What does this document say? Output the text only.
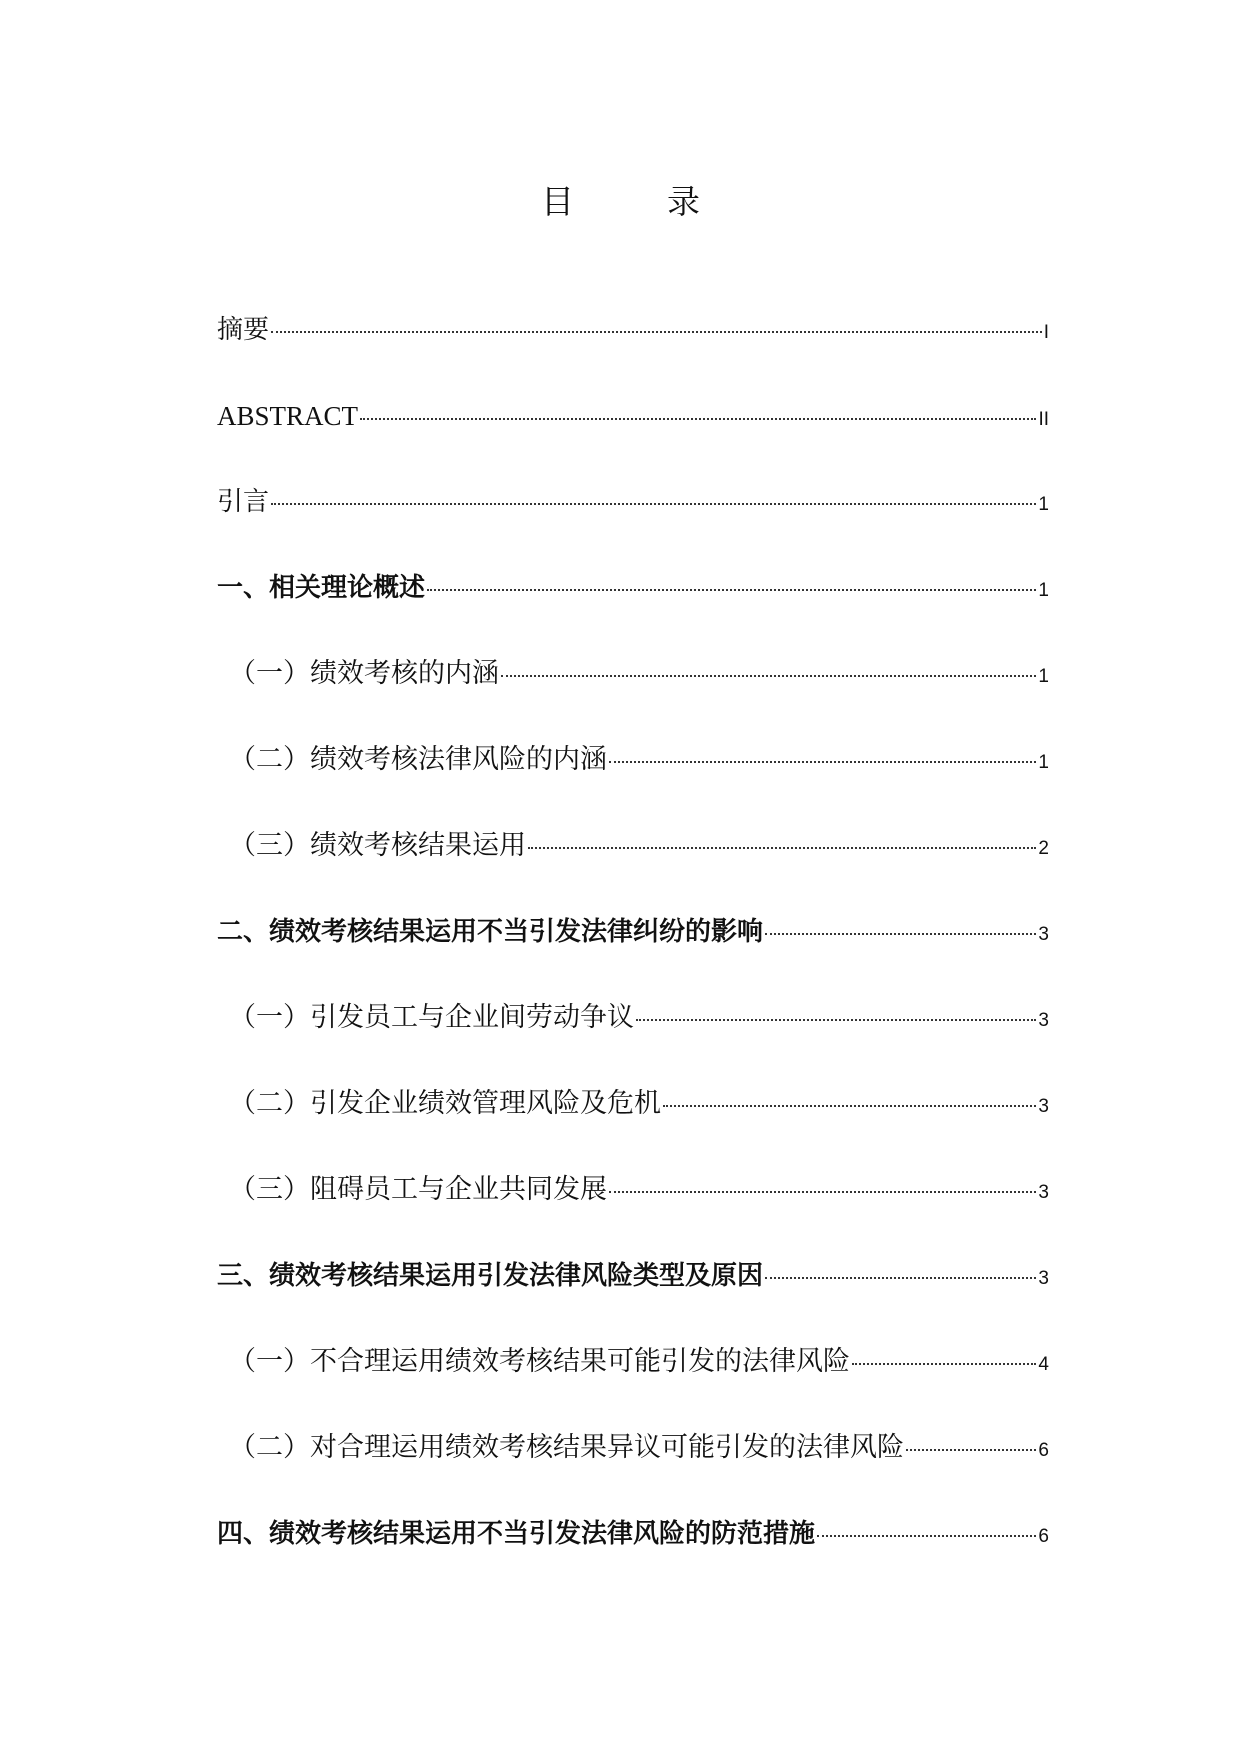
目　录
摘要	I
ABSTRACT	II
引言	1
一、相关理论概述	1
（一）绩效考核的内涵	1
（二）绩效考核法律风险的内涵	1
（三）绩效考核结果运用	2
二、绩效考核结果运用不当引发法律纠纷的影响	3
（一）引发员工与企业间劳动争议	3
（二）引发企业绩效管理风险及危机	3
（三）阻碍员工与企业共同发展	3
三、绩效考核结果运用引发法律风险类型及原因	3
（一）不合理运用绩效考核结果可能引发的法律风险	4
（二）对合理运用绩效考核结果异议可能引发的法律风险	6
四、绩效考核结果运用不当引发法律风险的防范措施	6
